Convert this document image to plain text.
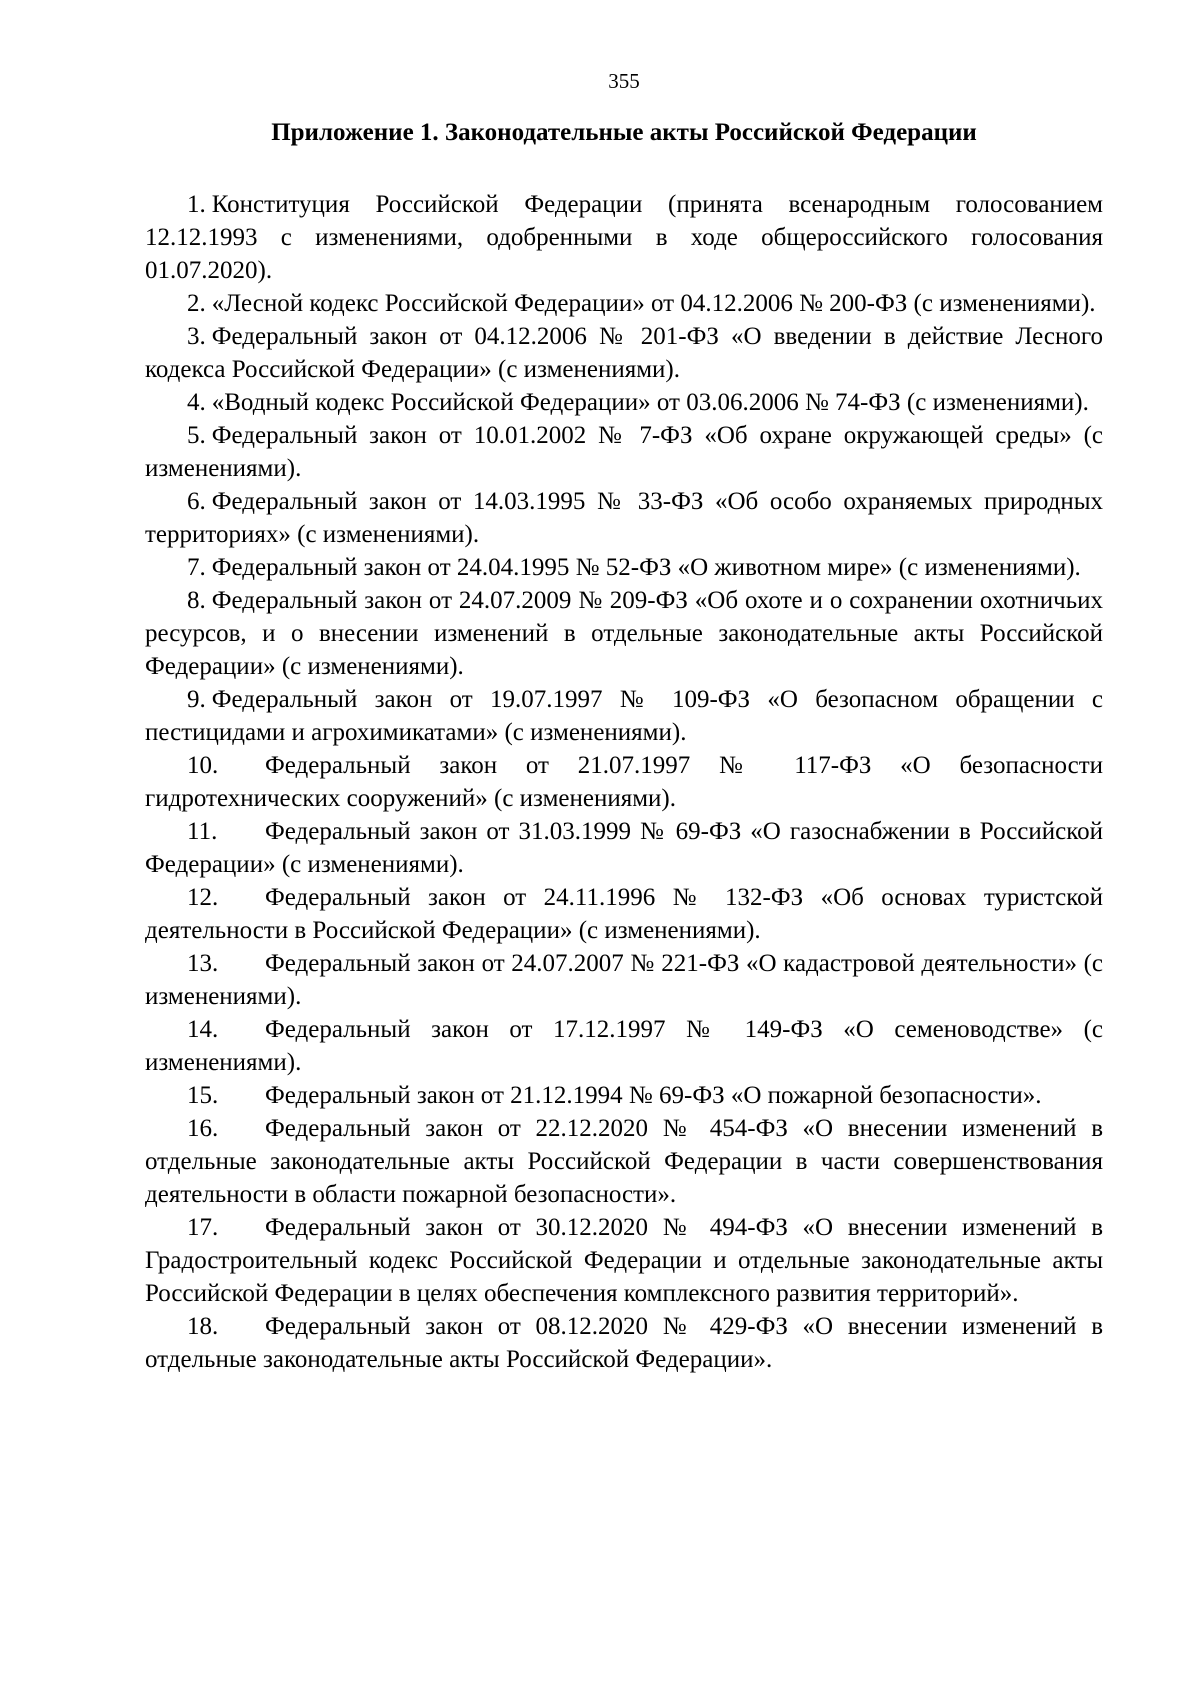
355
Приложение 1. Законодательные акты Российской Федерации
1. Конституция Российской Федерации (принята всенародным голосованием 12.12.1993 с изменениями, одобренными в ходе общероссийского голосования 01.07.2020).
2. «Лесной кодекс Российской Федерации» от 04.12.2006 № 200-ФЗ (с изменениями).
3. Федеральный закон от 04.12.2006 № 201-ФЗ «О введении в действие Лесного кодекса Российской Федерации» (с изменениями).
4. «Водный кодекс Российской Федерации» от 03.06.2006 № 74-ФЗ (с изменениями).
5. Федеральный закон от 10.01.2002 № 7-ФЗ «Об охране окружающей среды» (с изменениями).
6. Федеральный закон от 14.03.1995 № 33-ФЗ «Об особо охраняемых природных территориях» (с изменениями).
7. Федеральный закон от 24.04.1995 № 52-ФЗ «О животном мире» (с изменениями).
8. Федеральный закон от 24.07.2009 № 209-ФЗ «Об охоте и о сохранении охотничьих ресурсов, и о внесении изменений в отдельные законодательные акты Российской Федерации» (с изменениями).
9. Федеральный закон от 19.07.1997 № 109-ФЗ «О безопасном обращении с пестицидами и агрохимикатами» (с изменениями).
10. Федеральный закон от 21.07.1997 № 117-ФЗ «О безопасности гидротехнических сооружений» (с изменениями).
11. Федеральный закон от 31.03.1999 № 69-ФЗ «О газоснабжении в Российской Федерации» (с изменениями).
12. Федеральный закон от 24.11.1996 № 132-ФЗ «Об основах туристской деятельности в Российской Федерации» (с изменениями).
13. Федеральный закон от 24.07.2007 № 221-ФЗ «О кадастровой деятельности» (с изменениями).
14. Федеральный закон от 17.12.1997 № 149-ФЗ «О семеноводстве» (с изменениями).
15. Федеральный закон от 21.12.1994 № 69-ФЗ «О пожарной безопасности».
16. Федеральный закон от 22.12.2020 № 454-ФЗ «О внесении изменений в отдельные законодательные акты Российской Федерации в части совершенствования деятельности в области пожарной безопасности».
17. Федеральный закон от 30.12.2020 № 494-ФЗ «О внесении изменений в Градостроительный кодекс Российской Федерации и отдельные законодательные акты Российской Федерации в целях обеспечения комплексного развития территорий».
18. Федеральный закон от 08.12.2020 № 429-ФЗ «О внесении изменений в отдельные законодательные акты Российской Федерации».
